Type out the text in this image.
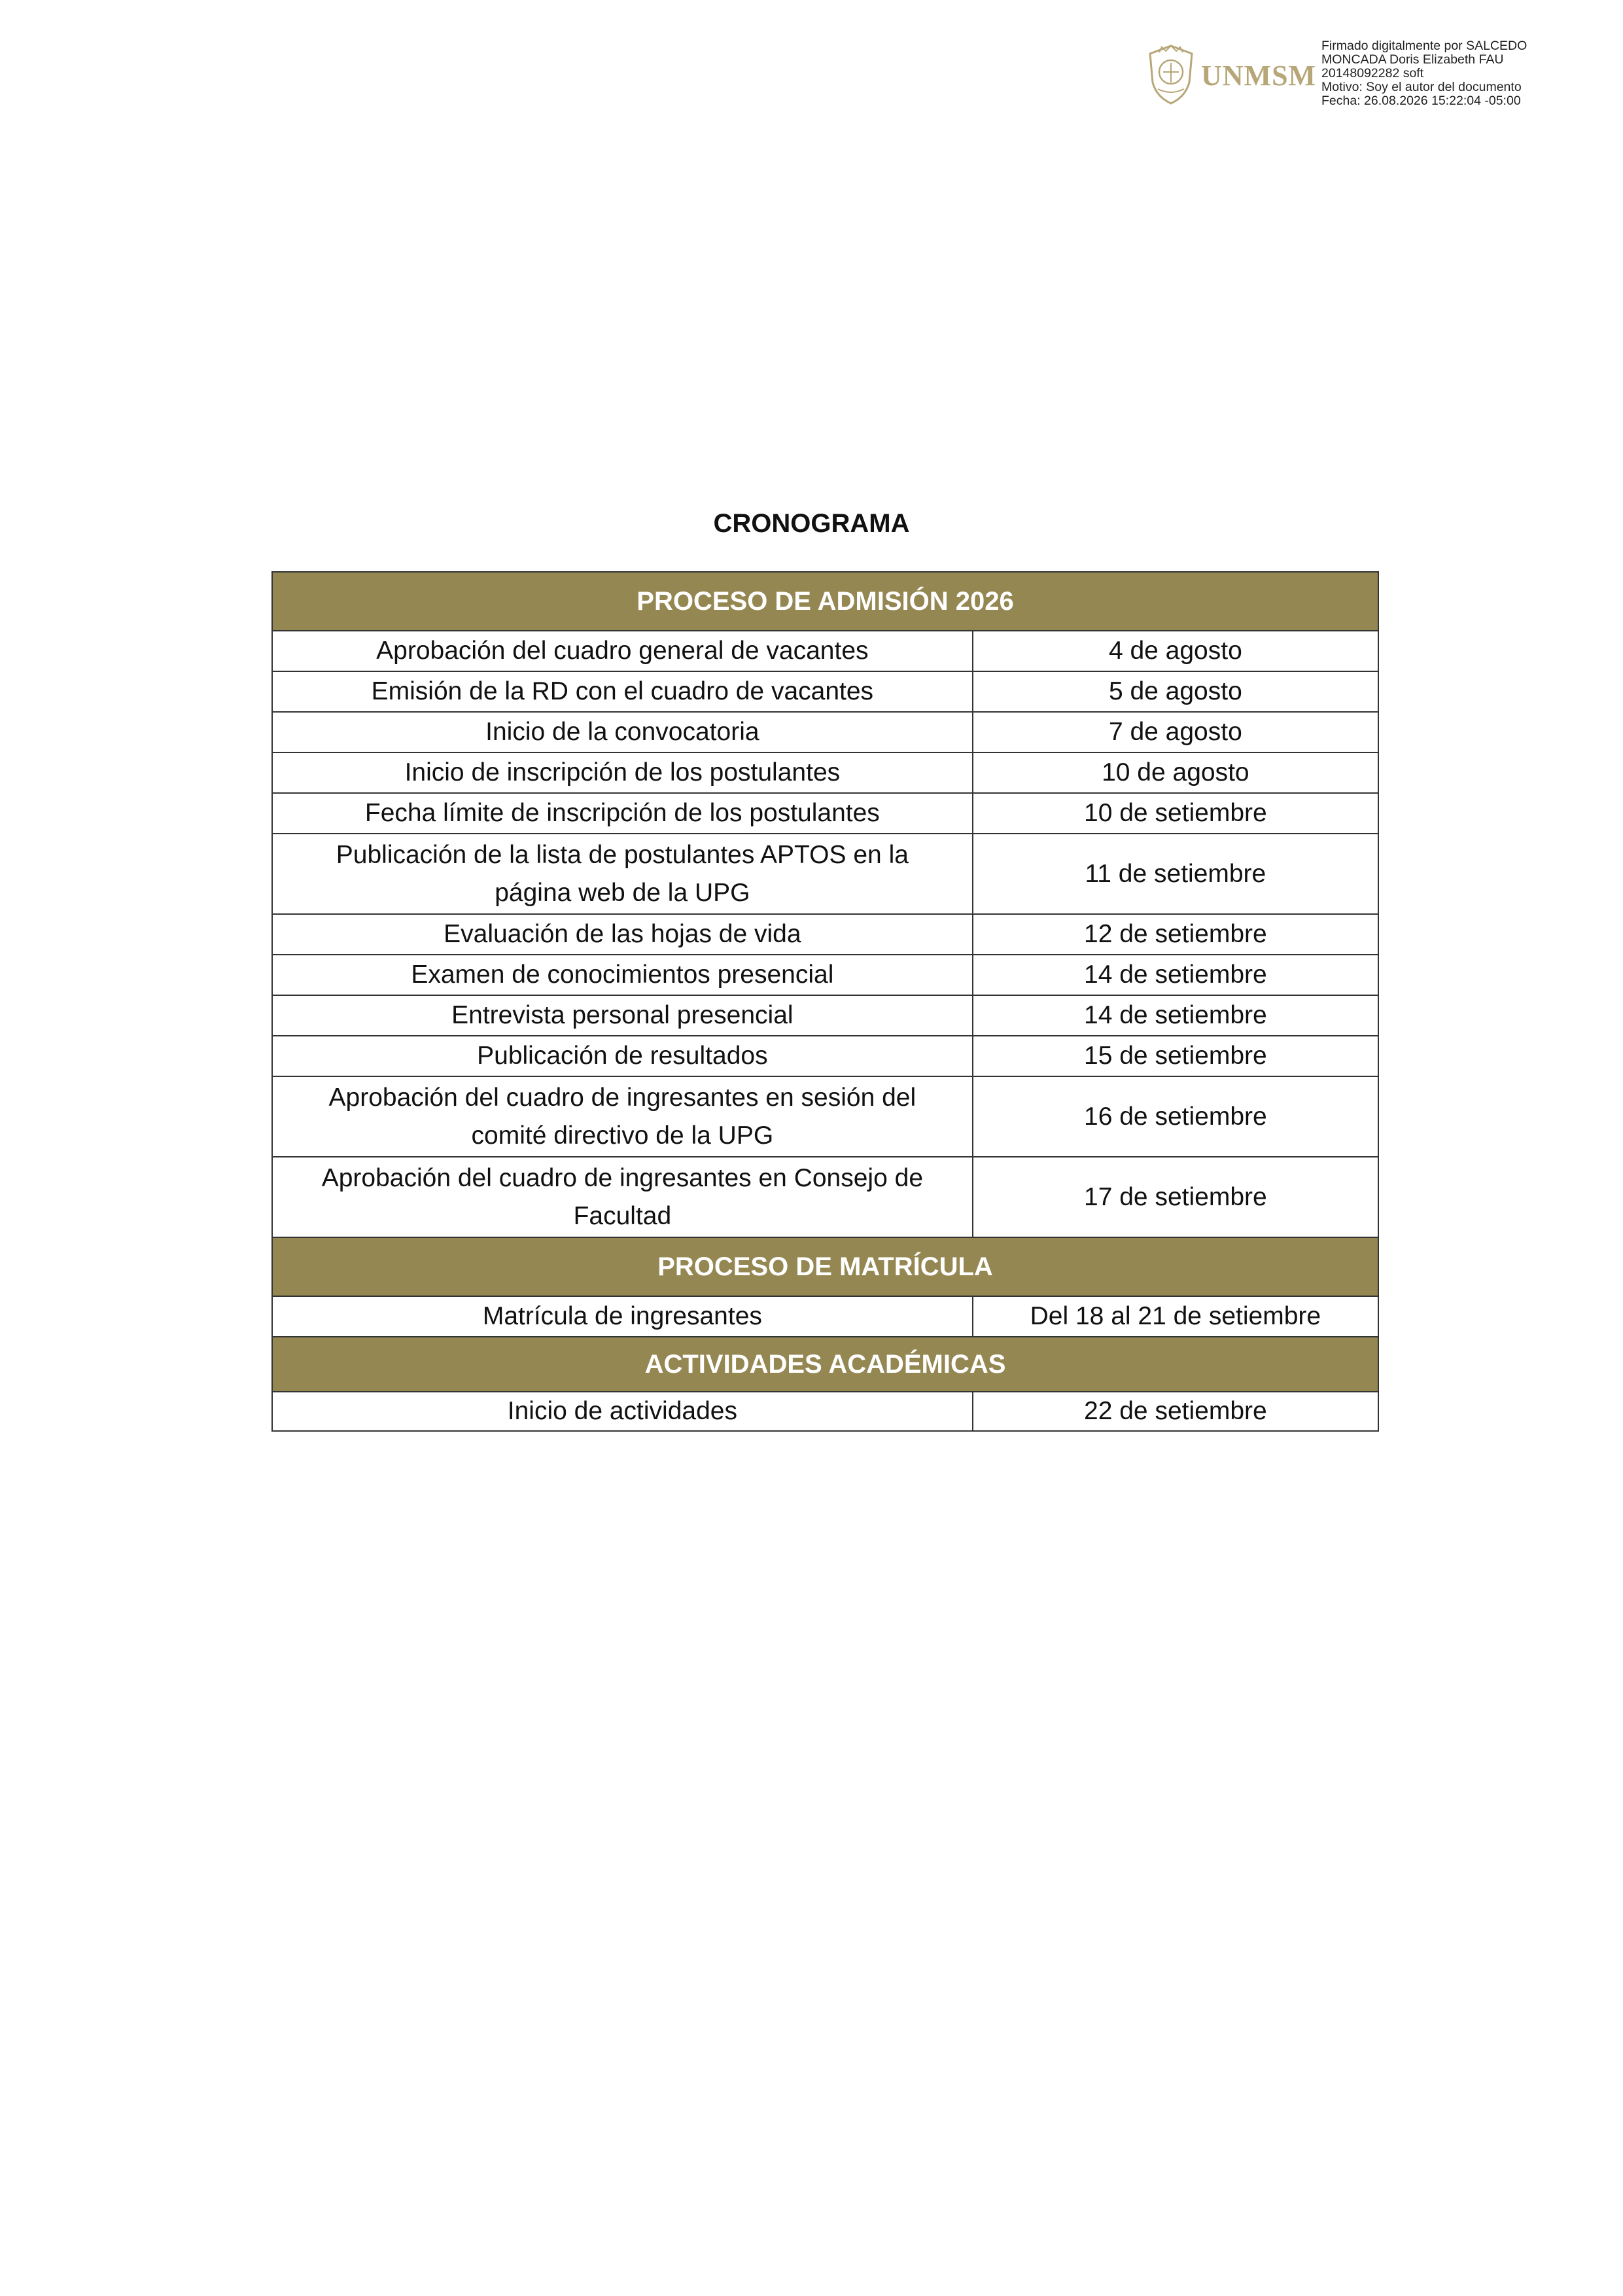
UNMSM
Firmado digitalmente por SALCEDO
MONCADA Doris Elizabeth FAU
20148092282 soft
Motivo: Soy el autor del documento
Fecha: 26.08.2026 15:22:04 -05:00
CRONOGRAMA
PROCESO DE ADMISIÓN 2026	
Aprobación del cuadro general de vacantes	4 de agosto
Emisión de la RD con el cuadro de vacantes	5 de agosto
Inicio de la convocatoria	7 de agosto
Inicio de inscripción de los postulantes	10 de agosto
Fecha límite de inscripción de los postulantes	10 de setiembre

Publicación de la lista de postulantes APTOS en la
página web de la UPG	11 de setiembre
Evaluación de las hojas de vida	12 de setiembre
Examen de conocimientos presencial	14 de setiembre
Entrevista personal presencial	14 de setiembre
Publicación de resultados	15 de setiembre

Aprobación del cuadro de ingresantes en sesión del
comité directivo de la UPG	16 de setiembre

Aprobación del cuadro de ingresantes en Consejo de
Facultad	17 de setiembre
PROCESO DE MATRÍCULA	
Matrícula de ingresantes	Del 18 al 21 de setiembre
ACTIVIDADES ACADÉMICAS	
Inicio de actividades	22 de setiembre
